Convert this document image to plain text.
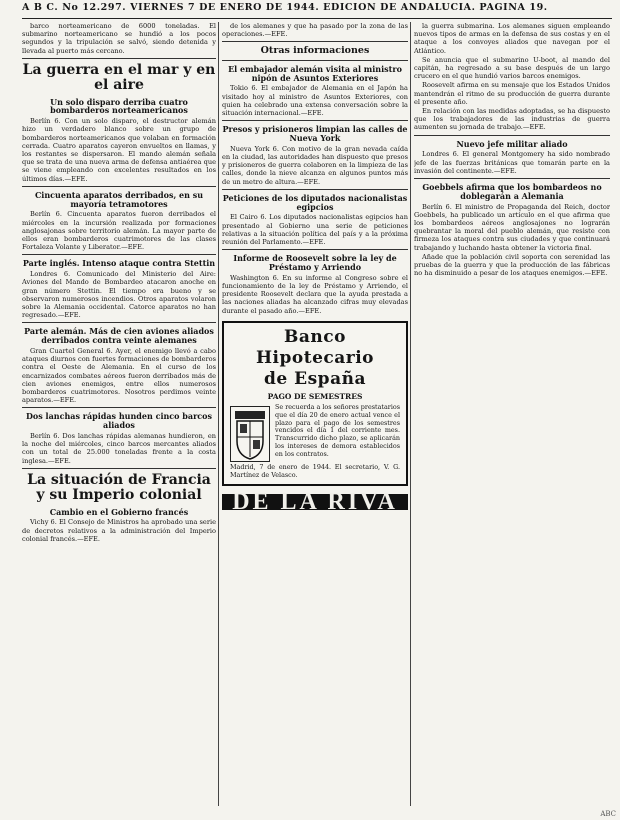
A B C. No 12.297. VIERNES 7 DE ENERO DE 1944. EDICION DE ANDALUCIA. PAGINA 19.

barco norteamericano de 6000 toneladas. El submarino norteamericano se hundió a los pocos segundos y la tripulación se salvó, siendo detenida y llevada al puerto más cercano.

La guerra en el mar y en el aire
Un solo disparo derriba cuatro bombarderos norteamericanos

Berlín 6. Con un solo disparo, el destructor alemán hizo un verdadero blanco sobre un grupo de bombarderos norteamericanos que volaban en formación cerrada. Cuatro aparatos cayeron envueltos en llamas, y los restantes se dispersaron. El mando alemán señala que se trata de una nueva arma de defensa antiaérea que se viene empleando con excelentes resultados en los últimos días.—EFE.

Cincuenta aparatos derribados, en su mayoría tetramotores

Berlín 6. Cincuenta aparatos fueron derribados el miércoles en la incursión realizada por formaciones anglosajonas sobre territorio alemán. La mayor parte de ellos eran bombarderos cuatrimotores de las clases Fortaleza Volante y Liberator.—EFE.

Parte inglés. Intenso ataque contra Stettin

Londres 6. Comunicado del Ministerio del Aire: Aviones del Mando de Bombardeo atacaron anoche en gran número Stettin. El tiempo era bueno y se observaron numerosos incendios. Otros aparatos volaron sobre la Alemania occidental. Catorce aparatos no han regresado.—EFE.

Parte alemán. Más de cien aviones aliados derribados contra veinte alemanes

Gran Cuartel General 6. Ayer, el enemigo llevó a cabo ataques diurnos con fuertes formaciones de bombarderos contra el Oeste de Alemania. En el curso de los encarnizados combates aéreos fueron derribados más de cien aviones enemigos, entre ellos numerosos bombarderos cuatrimotores. Nosotros perdimos veinte aparatos.—EFE.

Dos lanchas rápidas hunden cinco barcos aliados

Berlín 6. Dos lanchas rápidas alemanas hundieron, en la noche del miércoles, cinco barcos mercantes aliados con un total de 25.000 toneladas frente a la costa inglesa.—EFE.

La situación de Francia y su Imperio colonial
Cambio en el Gobierno francés

Vichy 6. El Consejo de Ministros ha aprobado una serie de decretos relativos a la administración del Imperio colonial francés.—EFE.

de los alemanes y que ha pasado por la zona de las operaciones.—EFE.

Otras informaciones
El embajador alemán visita al ministro nipón de Asuntos Exteriores

Tokio 6. El embajador de Alemania en el Japón ha visitado hoy al ministro de Asuntos Exteriores, con quien ha celebrado una extensa conversación sobre la situación internacional.—EFE.

Presos y prisioneros limpian las calles de Nueva York

Nueva York 6. Con motivo de la gran nevada caída en la ciudad, las autoridades han dispuesto que presos y prisioneros de guerra colaboren en la limpieza de las calles, donde la nieve alcanza en algunos puntos más de un metro de altura.—EFE.

Peticiones de los diputados nacionalistas egipcios

El Cairo 6. Los diputados nacionalistas egipcios han presentado al Gobierno una serie de peticiones relativas a la situación política del país y a la próxima reunión del Parlamento.—EFE.

Informe de Roosevelt sobre la ley de Préstamo y Arriendo

Washington 6. En su informe al Congreso sobre el funcionamiento de la ley de Préstamo y Arriendo, el presidente Roosevelt declara que la ayuda prestada a las naciones aliadas ha alcanzado cifras muy elevadas durante el pasado año.—EFE.

Banco Hipotecario
de España
PAGO DE SEMESTRES
Se recuerda a los señores prestatarios que el día 20 de enero actual vence el plazo para el pago de los semestres vencidos el día 1 del corriente mes. Transcurrido dicho plazo, se aplicarán los intereses de demora establecidos en los contratos.
Madrid, 7 de enero de 1944. El secretario, V. G. Martínez de Velasco.
DE LA RIVA

la guerra submarina. Los alemanes siguen empleando nuevos tipos de armas en la defensa de sus costas y en el ataque a los convoyes aliados que navegan por el Atlántico.

Se anuncia que el submarino U-boot, al mando del capitán, ha regresado a su base después de un largo crucero en el que hundió varios barcos enemigos.

Roosevelt afirma en su mensaje que los Estados Unidos mantendrán el ritmo de su producción de guerra durante el presente año.

En relación con las medidas adoptadas, se ha dispuesto que los trabajadores de las industrias de guerra aumenten su jornada de trabajo.—EFE.

Nuevo jefe militar aliado

Londres 6. El general Montgomery ha sido nombrado jefe de las fuerzas británicas que tomarán parte en la invasión del continente.—EFE.

Goebbels afirma que los bombardeos no doblegarán a Alemania

Berlín 6. El ministro de Propaganda del Reich, doctor Goebbels, ha publicado un artículo en el que afirma que los bombardeos aéreos anglosajones no lograrán quebrantar la moral del pueblo alemán, que resiste con firmeza los ataques contra sus ciudades y que continuará trabajando y luchando hasta obtener la victoria final.

Añade que la población civil soporta con serenidad las pruebas de la guerra y que la producción de las fábricas no ha disminuido a pesar de los ataques enemigos.—EFE.

ABC
